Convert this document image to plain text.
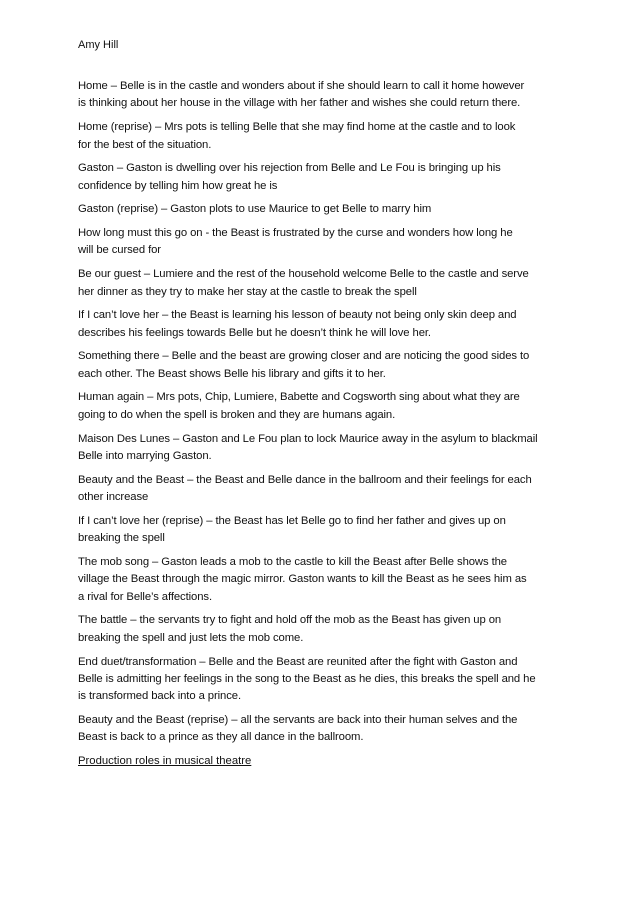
Amy Hill
Home – Belle is in the castle and wonders about if she should learn to call it home however
is thinking about her house in the village with her father and wishes she could return there.
Home (reprise) – Mrs pots is telling Belle that she may find home at the castle and to look
for the best of the situation.
Gaston – Gaston is dwelling over his rejection from Belle and Le Fou is bringing up his
confidence by telling him how great he is
Gaston (reprise) – Gaston plots to use Maurice to get Belle to marry him
How long must this go on - the Beast is frustrated by the curse and wonders how long he
will be cursed for
Be our guest – Lumiere and the rest of the household welcome Belle to the castle and serve
her dinner as they try to make her stay at the castle to break the spell
If I can’t love her – the Beast is learning his lesson of beauty not being only skin deep and
describes his feelings towards Belle but he doesn’t think he will love her.
Something there – Belle and the beast are growing closer and are noticing the good sides to
each other. The Beast shows Belle his library and gifts it to her.
Human again – Mrs pots, Chip, Lumiere, Babette and Cogsworth sing about what they are
going to do when the spell is broken and they are humans again.
Maison Des Lunes – Gaston and Le Fou plan to lock Maurice away in the asylum to blackmail
Belle into marrying Gaston.
Beauty and the Beast – the Beast and Belle dance in the ballroom and their feelings for each
other increase
If I can’t love her (reprise) – the Beast has let Belle go to find her father and gives up on
breaking the spell
The mob song – Gaston leads a mob to the castle to kill the Beast after Belle shows the
village the Beast through the magic mirror. Gaston wants to kill the Beast as he sees him as
a rival for Belle’s affections.
The battle – the servants try to fight and hold off the mob as the Beast has given up on
breaking the spell and just lets the mob come.
End duet/transformation – Belle and the Beast are reunited after the fight with Gaston and
Belle is admitting her feelings in the song to the Beast as he dies, this breaks the spell and he
is transformed back into a prince.
Beauty and the Beast (reprise) – all the servants are back into their human selves and the
Beast is back to a prince as they all dance in the ballroom.
Production roles in musical theatre
